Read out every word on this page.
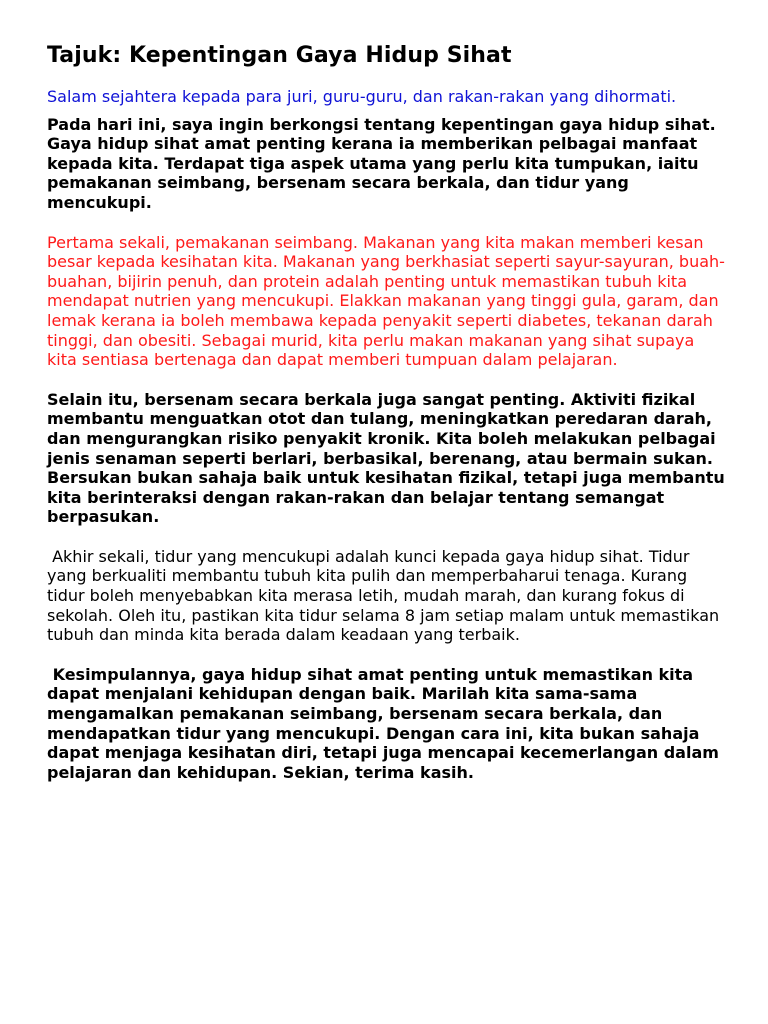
Tajuk: Kepentingan Gaya Hidup Sihat

Salam sejahtera kepada para juri, guru-guru, dan rakan-rakan yang dihormati.

Pada hari ini, saya ingin berkongsi tentang kepentingan gaya hidup sihat. Gaya hidup sihat amat penting kerana ia memberikan pelbagai manfaat kepada kita. Terdapat tiga aspek utama yang perlu kita tumpukan, iaitu pemakanan seimbang, bersenam secara berkala, dan tidur yang mencukupi.

Pertama sekali, pemakanan seimbang. Makanan yang kita makan memberi kesan besar kepada kesihatan kita. Makanan yang berkhasiat seperti sayur-sayuran, buah-buahan, bijirin penuh, dan protein adalah penting untuk memastikan tubuh kita mendapat nutrien yang mencukupi. Elakkan makanan yang tinggi gula, garam, dan lemak kerana ia boleh membawa kepada penyakit seperti diabetes, tekanan darah tinggi, dan obesiti. Sebagai murid, kita perlu makan makanan yang sihat supaya kita sentiasa bertenaga dan dapat memberi tumpuan dalam pelajaran.

Selain itu, bersenam secara berkala juga sangat penting. Aktiviti fizikal membantu menguatkan otot dan tulang, meningkatkan peredaran darah, dan mengurangkan risiko penyakit kronik. Kita boleh melakukan pelbagai jenis senaman seperti berlari, berbasikal, berenang, atau bermain sukan. Bersukan bukan sahaja baik untuk kesihatan fizikal, tetapi juga membantu kita berinteraksi dengan rakan-rakan dan belajar tentang semangat berpasukan.

Akhir sekali, tidur yang mencukupi adalah kunci kepada gaya hidup sihat. Tidur yang berkualiti membantu tubuh kita pulih dan memperbaharui tenaga. Kurang tidur boleh menyebabkan kita merasa letih, mudah marah, dan kurang fokus di sekolah. Oleh itu, pastikan kita tidur selama 8 jam setiap malam untuk memastikan tubuh dan minda kita berada dalam keadaan yang terbaik.

Kesimpulannya, gaya hidup sihat amat penting untuk memastikan kita dapat menjalani kehidupan dengan baik. Marilah kita sama-sama mengamalkan pemakanan seimbang, bersenam secara berkala, dan mendapatkan tidur yang mencukupi. Dengan cara ini, kita bukan sahaja dapat menjaga kesihatan diri, tetapi juga mencapai kecemerlangan dalam pelajaran dan kehidupan. Sekian, terima kasih.
